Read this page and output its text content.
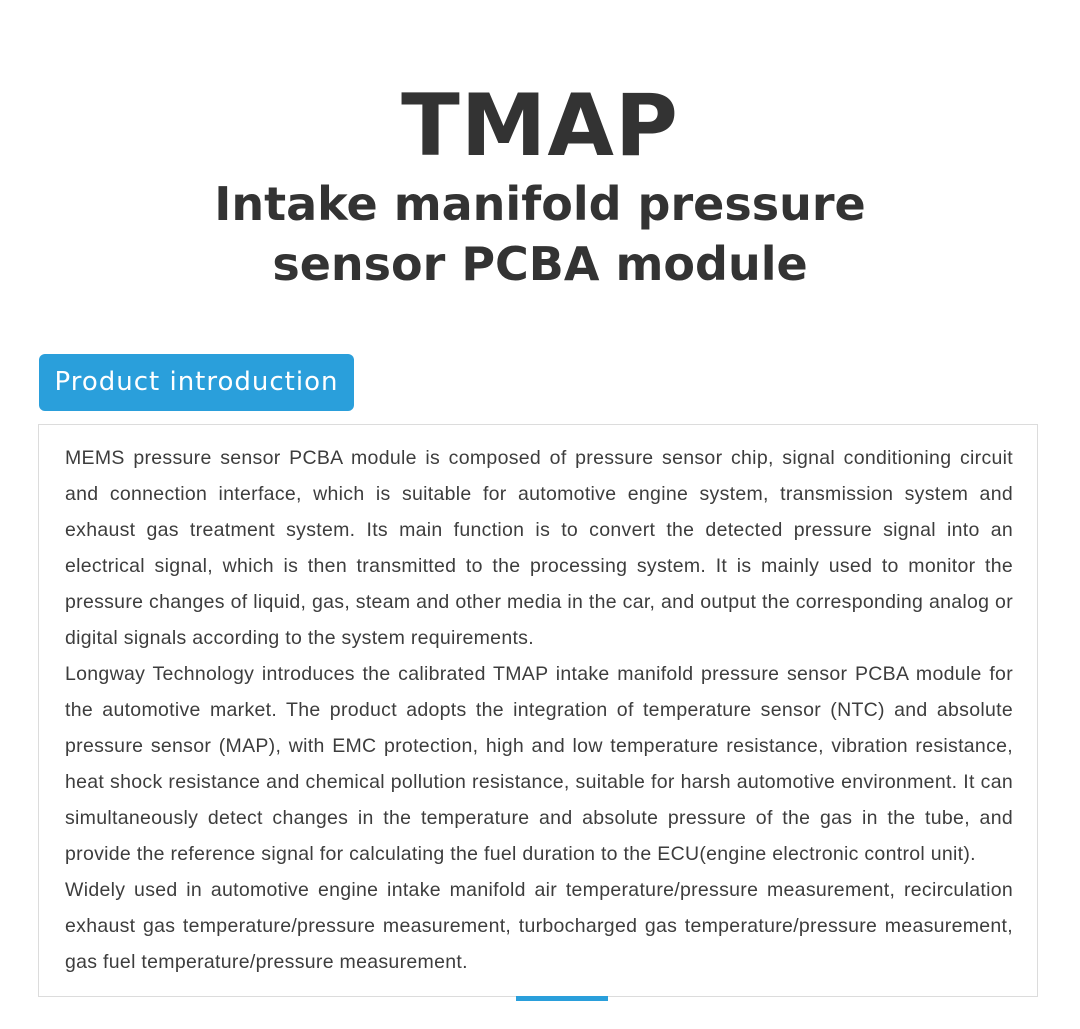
TMAP
Intake manifold pressure sensor PCBA module
Product introduction

MEMS pressure sensor PCBA module is composed of pressure sensor chip, signal conditioning circuit and connection interface, which is suitable for automotive engine system, transmission system and exhaust gas treatment system. Its main function is to convert the detected pressure signal into an electrical signal, which is then transmitted to the processing system. It is mainly used to monitor the pressure changes of liquid, gas, steam and other media in the car, and output the corresponding analog or digital signals according to the system requirements.

Longway Technology introduces the calibrated TMAP intake manifold pressure sensor PCBA module for the automotive market. The product adopts the integration of temperature sensor (NTC) and absolute pressure sensor (MAP), with EMC protection, high and low temperature resistance, vibration resistance, heat shock resistance and chemical pollution resistance, suitable for harsh automotive environment. It can simultaneously detect changes in the temperature and absolute pressure of the gas in the tube, and provide the reference signal for calculating the fuel duration to the ECU(engine electronic control unit).

Widely used in automotive engine intake manifold air temperature/pressure measurement, recirculation exhaust gas temperature/pressure measurement, turbocharged gas temperature/pressure measurement, gas fuel temperature/pressure measurement.
